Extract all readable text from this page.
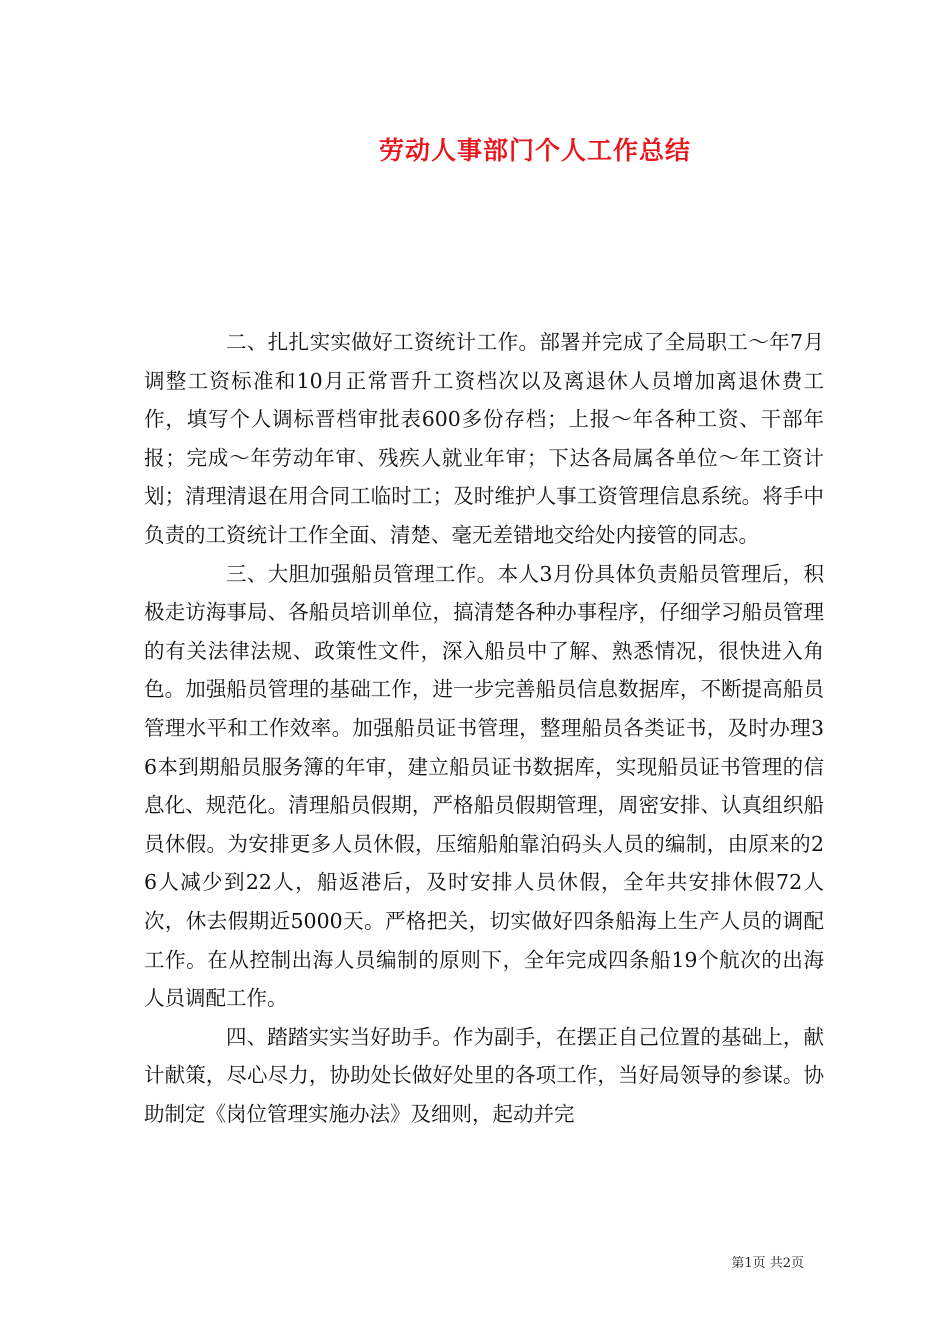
劳动人事部门个人工作总结

二、扎扎实实做好工资统计工作。部署并完成了全局职工～年7月调整工资标准和10月正常晋升工资档次以及离退休人员增加离退休费工作，填写个人调标晋档审批表600多份存档；上报～年各种工资、干部年报；完成～年劳动年审、残疾人就业年审；下达各局属各单位～年工资计划；清理清退在用合同工临时工；及时维护人事工资管理信息系统。将手中负责的工资统计工作全面、清楚、毫无差错地交给处内接管的同志。

三、大胆加强船员管理工作。本人3月份具体负责船员管理后，积极走访海事局、各船员培训单位，搞清楚各种办事程序，仔细学习船员管理的有关法律法规、政策性文件，深入船员中了解、熟悉情况，很快进入角色。加强船员管理的基础工作，进一步完善船员信息数据库，不断提高船员管理水平和工作效率。加强船员证书管理，整理船员各类证书，及时办理36本到期船员服务簿的年审，建立船员证书数据库，实现船员证书管理的信息化、规范化。清理船员假期，严格船员假期管理，周密安排、认真组织船员休假。为安排更多人员休假，压缩船舶靠泊码头人员的编制，由原来的26人减少到22人，船返港后，及时安排人员休假，全年共安排休假72人次，休去假期近5000天。严格把关，切实做好四条船海上生产人员的调配工作。在从控制出海人员编制的原则下，全年完成四条船19个航次的出海人员调配工作。

四、踏踏实实当好助手。作为副手，在摆正自己位置的基础上，献计献策，尽心尽力，协助处长做好处里的各项工作，当好局领导的参谋。协助制定《岗位管理实施办法》及细则，起动并完

第1页 共2页
